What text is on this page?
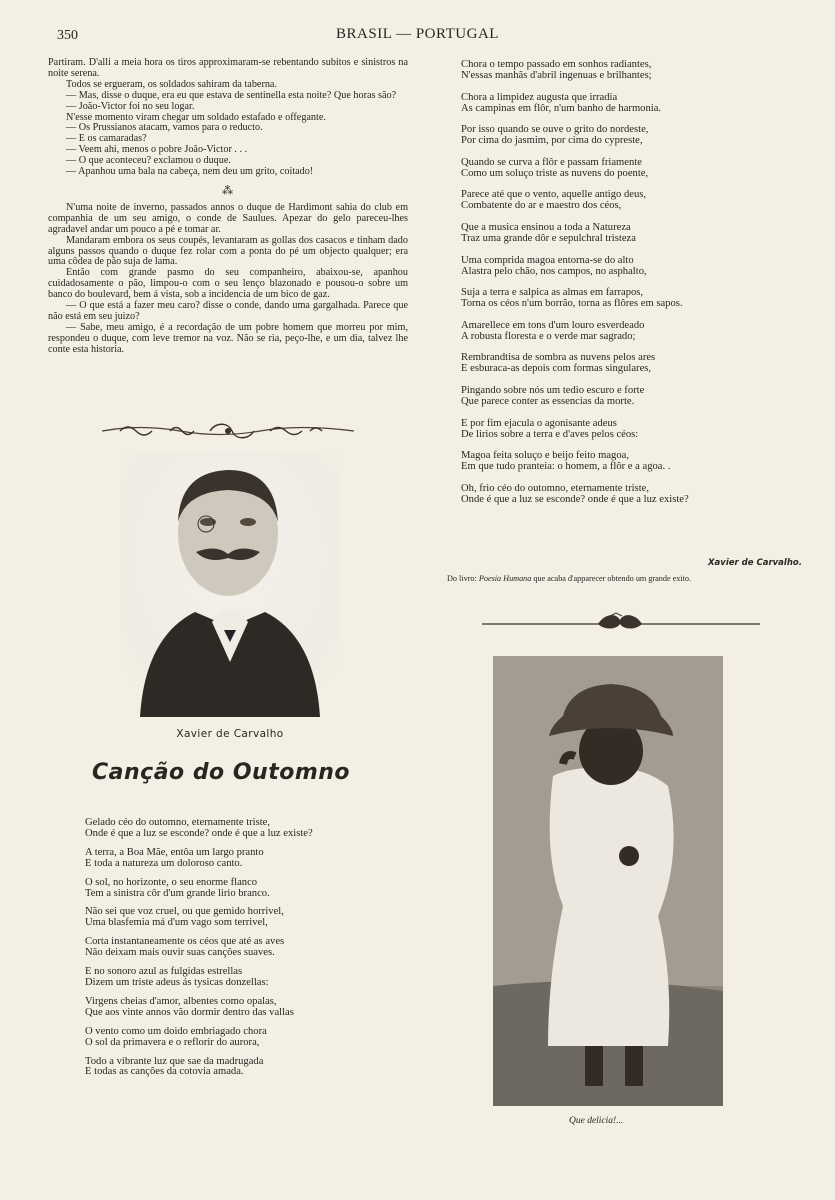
350	BRASIL — PORTUGAL

Partiram. D'alli a meia hora os tiros approximaram-se rebentando subitos e sinistros na noite serena.

Todos se ergueram, os soldados sahiram da taberna.

— Mas, disse o duque, era eu que estava de sentinella esta noite? Que horas são?

— João-Victor foi no seu logar.

N'esse momento viram chegar um soldado estafado e offegante.

— Os Prussianos atacam, vamos para o reducto.

— E os camaradas?

— Veem ahi, menos o pobre João-Victor . . .

— O que aconteceu? exclamou o duque.

— Apanhou uma bala na cabeça, nem deu um grito, coitado!

⁂

N'uma noite de inverno, passados annos o duque de Hardimont sahia do club em companhia de um seu amigo, o conde de Saulues. Apezar do gelo pareceu-lhes agradavel andar um pouco a pé e tomar ar.

Mandaram embora os seus coupés, levantaram as gollas dos casacos e tinham dado alguns passos quando o duque fez rolar com a ponta do pé um objecto qualquer; era uma côdea de pão suja de lama.

Então com grande pasmo do seu companheiro, abaixou-se, apanhou cuidadosamente o pão, limpou-o com o seu lenço blazonado e pousou-o sobre um banco do boulevard, bem á vista, sob a incidencia de um bico de gaz.

— O que está a fazer meu caro? disse o conde, dando uma gargalhada. Parece que não está em seu juizo?

— Sabe, meu amigo, é a recordação de um pobre homem que morreu por mim, respondeu o duque, com leve tremor na voz. Não se ria, peço-lhe, e um dia, talvez lhe conte esta historia.

Xavier de Carvalho
Canção do Outomno
Gelado céo do outomno, eternamente triste,
Onde é que a luz se esconde? onde é que a luz existe?
A terra, a Boa Mãe, entôa um largo pranto
E toda a natureza um doloroso canto.
O sol, no horizonte, o seu enorme flanco
Tem a sinistra côr d'um grande lirio branco.
Não sei que voz cruel, ou que gemido horrivel,
Uma blasfemia má d'um vago som terrivel,
Corta instantaneamente os céos que até as aves
Não deixam mais ouvir suas canções suaves.
E no sonoro azul as fulgidas estrellas
Dizem um triste adeus ás tysicas donzellas:
Virgens cheias d'amor, albentes como opalas,
Que aos vinte annos vão dormir dentro das vallas
O vento como um doido embriagado chora
O sol da primavera e o reflorir do aurora,
Todo a vibrante luz que sae da madrugada
E todas as canções da cotovia amada.
Chora o tempo passado em sonhos radiantes,
N'essas manhãs d'abril ingenuas e brilhantes;
Chora a limpidez augusta que irradia
As campinas em flôr, n'um banho de harmonia.
Por isso quando se ouve o grito do nordeste,
Por cima do jasmim, por cima do cypreste,
Quando se curva a flôr e passam friamente
Como um soluço triste as nuvens do poente,
Parece até que o vento, aquelle antigo deus,
Combatente do ar e maestro dos céos,
Que a musica ensinou a toda a Natureza
Traz uma grande dôr e sepulchral tristeza
Uma comprida magoa entorna-se do alto
Alastra pelo chão, nos campos, no asphalto,
Suja a terra e salpica as almas em farrapos,
Torna os céos n'um borrão, torna as flôres em sapos.
Amarellece em tons d'um louro esverdeado
A robusta floresta e o verde mar sagrado;
Rembrandtisa de sombra as nuvens pelos ares
E esburaca-as depois com formas singulares,
Pingando sobre nós um tedio escuro e forte
Que parece conter as essencias da morte.
E por fim ejacula o agonisante adeus
De lirios sobre a terra e d'aves pelos céos:
Magoa feita soluço e beijo feito magoa,
Em que tudo pranteia: o homem, a flôr e a agoa. .
Oh, frio céo do outomno, eternamente triste,
Onde é que a luz se esconde? onde é que a luz existe?
Xavier de Carvalho.
Do livro: Poesia Humana que acaba d'apparecer obtendo um grande exito.
Que delicia!...
